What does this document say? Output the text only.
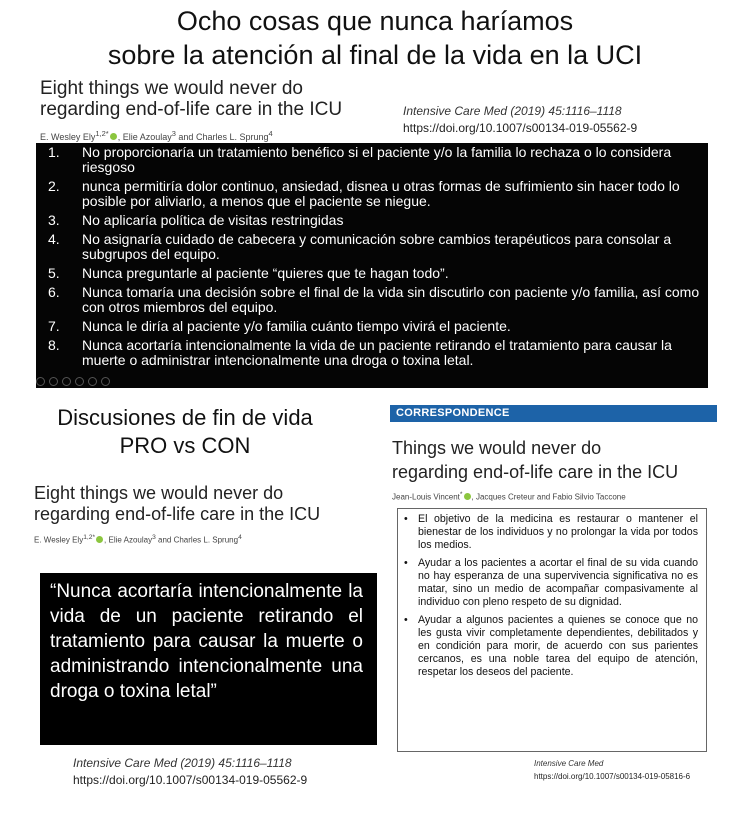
Ocho cosas que nunca haríamos
sobre la atención al final de la vida en la UCI
Eight things we would never do
regarding end-of-life care in the ICU	Intensive Care Med (2019) 45:1116–1118
https://doi.org/10.1007/s00134-019-05562-9
E. Wesley Ely$^{1,2*}$ , Elie Azoulay$^3$ and Charles L. Sprung$^4$
1.	No proporcionaría un tratamiento benéfico si el paciente y/o la familia lo rechaza o lo considera riesgoso
2.	nunca permitiría dolor continuo, ansiedad, disnea u otras formas de sufrimiento sin hacer todo lo posible por aliviarlo, a menos que el paciente se niegue.
3.	No aplicaría política de visitas restringidas
4.	No asignaría cuidado de cabecera y comunicación sobre cambios terapéuticos para consolar a subgrupos del equipo.
5.	Nunca preguntarle al paciente “quieres que te hagan todo”.
6.	Nunca tomaría una decisión sobre el final de la vida sin discutirlo con paciente y/o familia, así como con otros miembros del equipo.
7.	Nunca le diría al paciente y/o familia cuánto tiempo vivirá el paciente.
8.	Nunca acortaría intencionalmente la vida de un paciente retirando el tratamiento para causar la muerte o administrar intencionalmente una droga o toxina letal.
Discusiones de fin de vida
PRO vs CON
Eight things we would never do
regarding end-of-life care in the ICU
E. Wesley Ely$^{1,2*}$ , Elie Azoulay$^3$ and Charles L. Sprung$^4$
“Nunca acortaría intencionalmente la vida de un paciente retirando el tratamiento para causar la muerte o administrando intencionalmente una droga o toxina letal”
Intensive Care Med (2019) 45:1116–1118
https://doi.org/10.1007/s00134-019-05562-9
CORRESPONDENCE
Things we would never do
regarding end-of-life care in the ICU
Jean-Louis Vincent* , Jacques Creteur and Fabio Silvio Taccone
• El objetivo de la medicina es restaurar o mantener el bienestar de los individuos y no prolongar la vida por todos los medios.
• Ayudar a los pacientes a acortar el final de su vida cuando no hay esperanza de una supervivencia significativa no es matar, sino un medio de acompañar compasivamente al individuo con pleno respeto de su dignidad.
• Ayudar a algunos pacientes a quienes se conoce que no les gusta vivir completamente dependientes, debilitados y en condición para morir, de acuerdo con sus parientes cercanos, es una noble tarea del equipo de atención, respetar los deseos del paciente.
Intensive Care Med
https://doi.org/10.1007/s00134-019-05816-6
